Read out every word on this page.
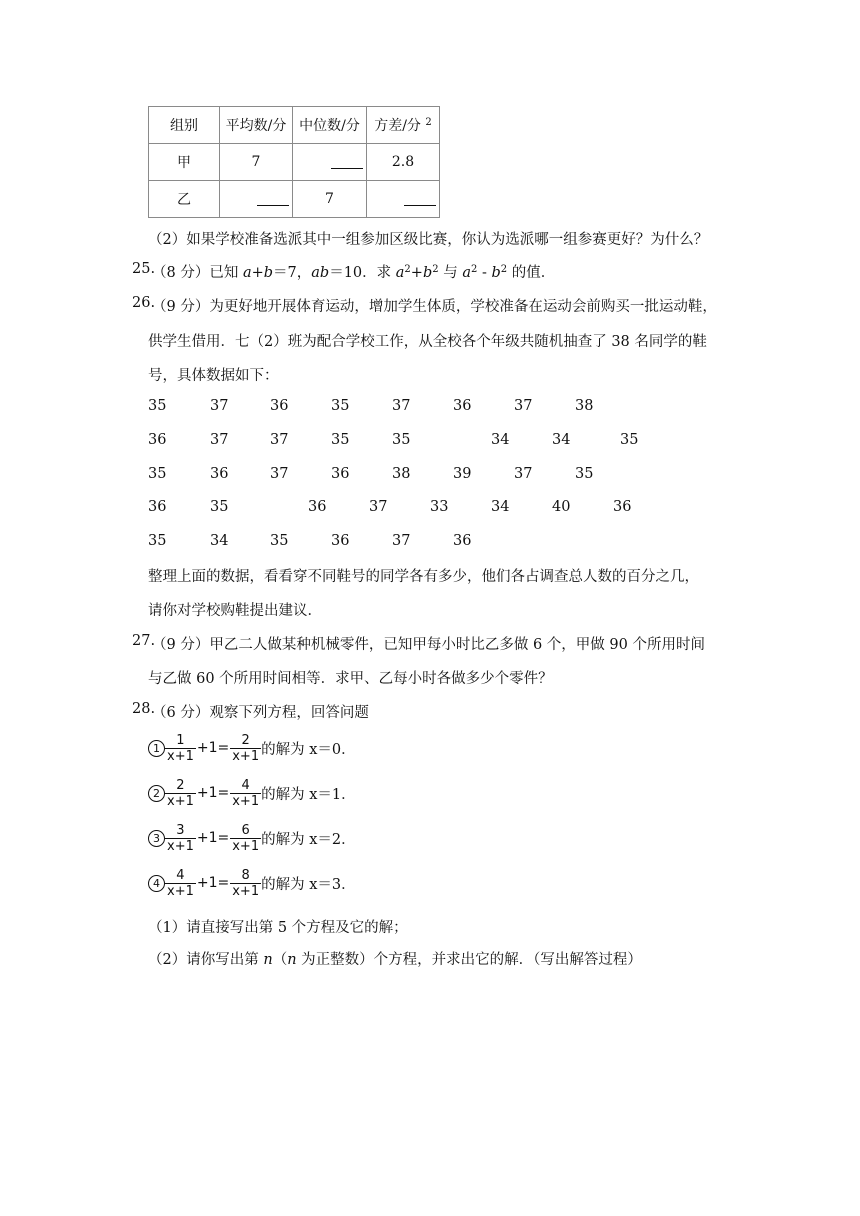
组别	平均数/分	中位数/分	方差/分 $^2$
甲	7		2.8
乙		7	
（2）如果学校准备选派其中一组参加区级比赛，你认为选派哪一组参赛更好？为什么？
25.
（8 分）已知 a+b＝7，ab＝10．求 $a^2+b^2$ 与 $a^2 - b^2$ 的值．
26.
（9 分）为更好地开展体育运动，增加学生体质，学校准备在运动会前购买一批运动鞋，
供学生借用．七（2）班为配合学校工作，从全校各个年级共随机抽查了 38 名同学的鞋
号，具体数据如下：
35	37	36	35	37	36	37	38
36	37	37	35	35	34	34	35
35	36	37	36	38	39	37	35
36	35	36	37	33	34	40	36
35	34	35	36	37	36
整理上面的数据，看看穿不同鞋号的同学各有多少，他们各占调查总人数的百分之几，
请你对学校购鞋提出建议．
27.
（9 分）甲乙二人做某种机械零件，已知甲每小时比乙多做 6 个，甲做 90 个所用时间
与乙做 60 个所用时间相等．求甲、乙每小时各做多少个零件？
28.
（6 分）观察下列方程，回答问题
$1 \frac{1}{x+1} +1= \frac{2}{x+1}$ 的解为 x＝0．
$2 \frac{2}{x+1} +1= \frac{4}{x+1}$ 的解为 x＝1．
$3 \frac{3}{x+1} +1= \frac{6}{x+1}$ 的解为 x＝2．
$4 \frac{4}{x+1} +1= \frac{8}{x+1}$ 的解为 x＝3．
（1）请直接写出第 5 个方程及它的解；
（2）请你写出第 n（n 为正整数）个方程，并求出它的解．（写出解答过程）
